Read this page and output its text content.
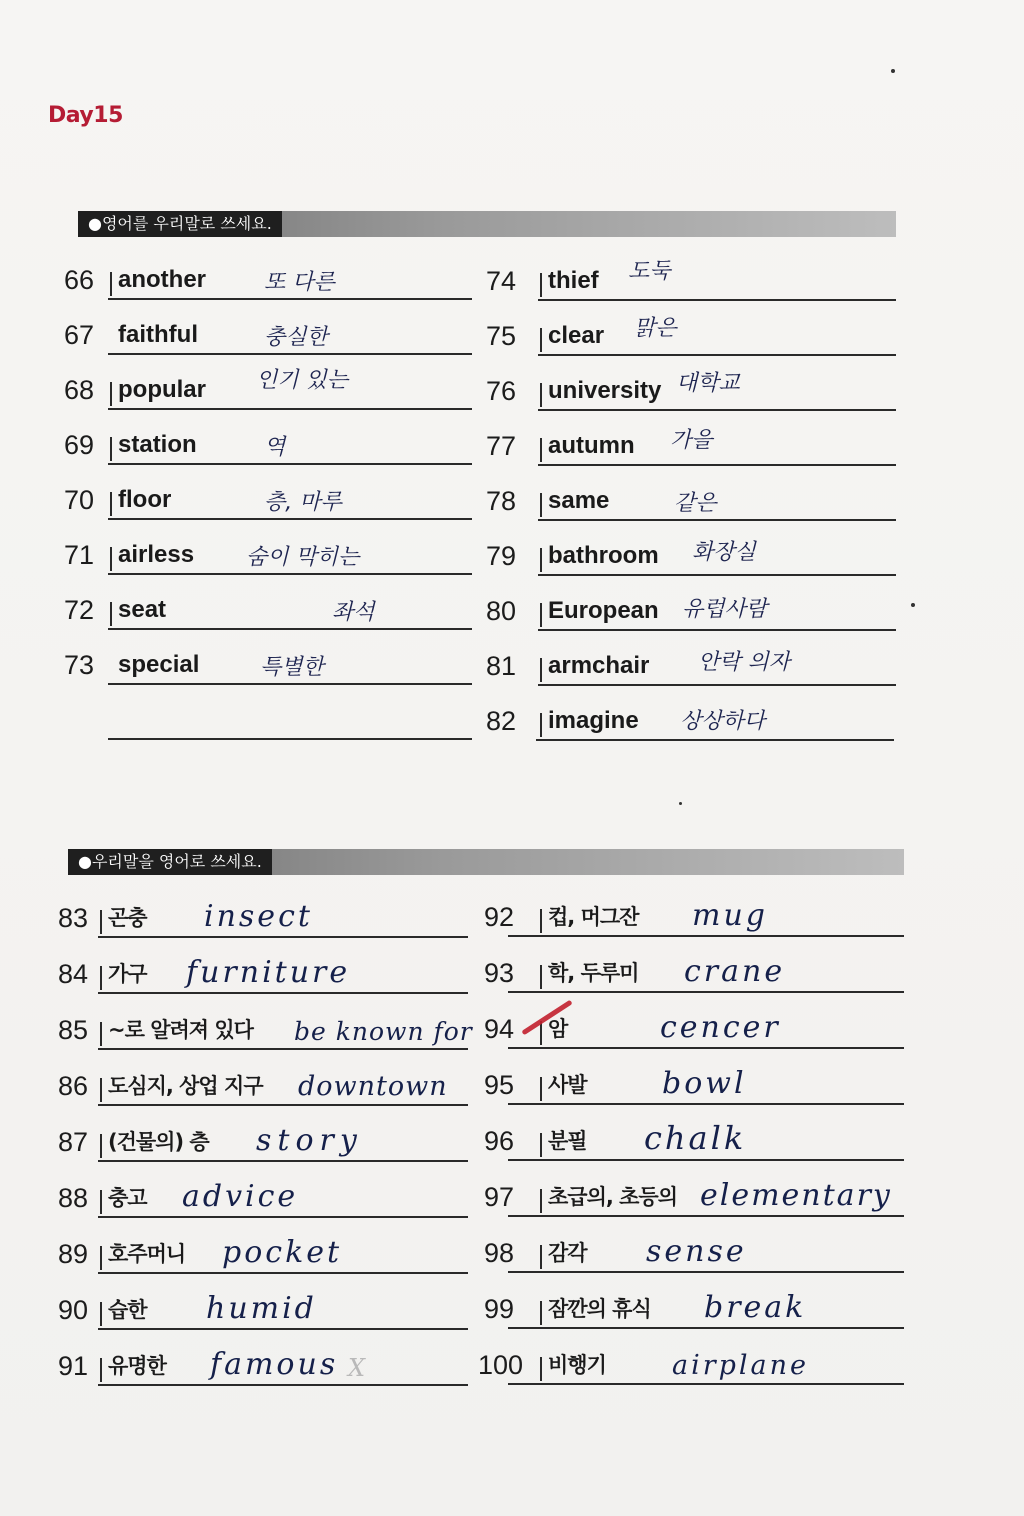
Day15
●영어를 우리말로 쓰세요.
66 another	또 다른
67 faithful	충실한
68 popular 인기 있는
69 station	역
70 floor	층, 마루
71 airless 숨이 막히는
72 seat	좌석
73 special	특별한
74 thief 도둑
75 clear 맑은
76 university 대학교
77 autumn 가을
78 same	같은
79 bathroom 화장실
80 European 유럽사람
81 armchair 안락 의자
82 imagine 상상하다
●우리말을 영어로 쓰세요.
83 곤충 insect
84 가구 furniture
85 ~로 알려져 있다 be known for
86 도심지, 상업 지구 downtown
87 (건물의) 층 story
88 충고 advice
89 호주머니 pocket
90 습한 humid
91 유명한 famous X
92 컵, 머그잔 mug
93 학, 두루미 crane
94 암	cencer
95 사발	bowl
96 분필 chalk
97 초급의, 초등의 elementary
98 감각 sense
99 잠깐의 휴식 break
100 비행기 airplane
